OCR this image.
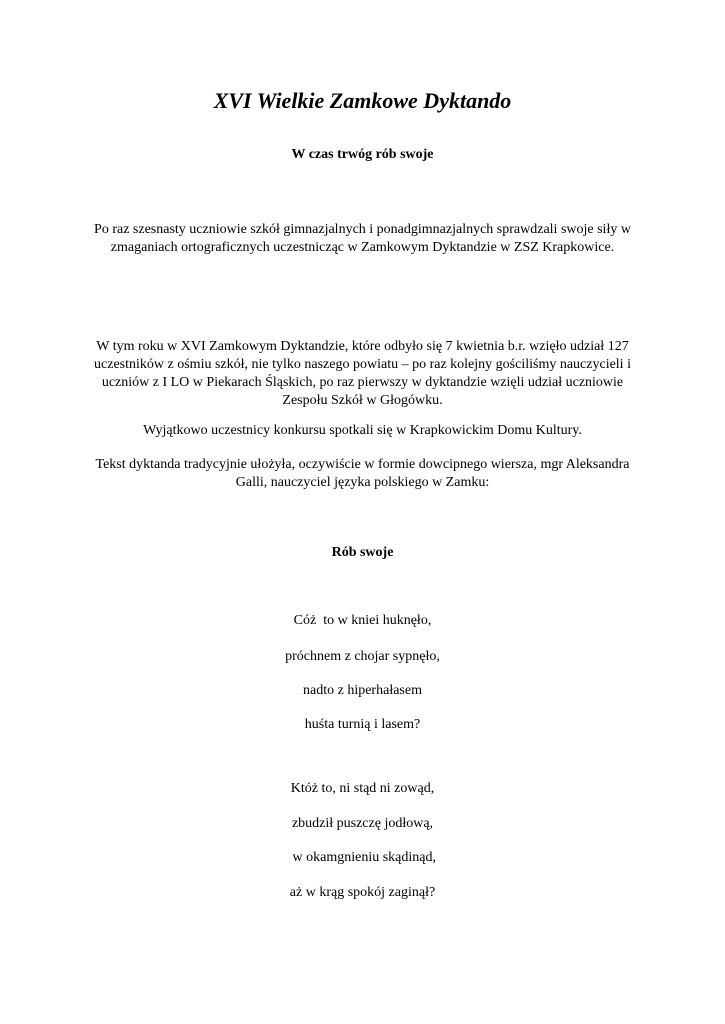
XVI Wielkie Zamkowe Dyktando
W czas trwóg rób swoje

Po raz szesnasty uczniowie szkół gimnazjalnych i ponadgimnazjalnych sprawdzali swoje siły w zmaganiach ortograficznych uczestnicząc w Zamkowym Dyktandzie w ZSZ Krapkowice.

W tym roku w XVI Zamkowym Dyktandzie, które odbyło się 7 kwietnia b.r. wzięło udział 127 uczestników z ośmiu szkół, nie tylko naszego powiatu – po raz kolejny gościliśmy nauczycieli i uczniów z I LO w Piekarach Śląskich, po raz pierwszy w dyktandzie wzięli udział uczniowie Zespołu Szkół w Głogówku.

Wyjątkowo uczestnicy konkursu spotkali się w Krapkowickim Domu Kultury.

Tekst dyktanda tradycyjnie ułożyła, oczywiście w formie dowcipnego wiersza, mgr Aleksandra Galli, nauczyciel języka polskiego w Zamku:

Rób swoje

Cóż  to w kniei huknęło,

próchnem z chojar sypnęło,

nadto z hiperhałasem

huśta turnią i lasem?

Któż to, ni stąd ni zowąd,

zbudził puszczę jodłową,

w okamgnieniu skądinąd,

aż w krąg spokój zaginął?
